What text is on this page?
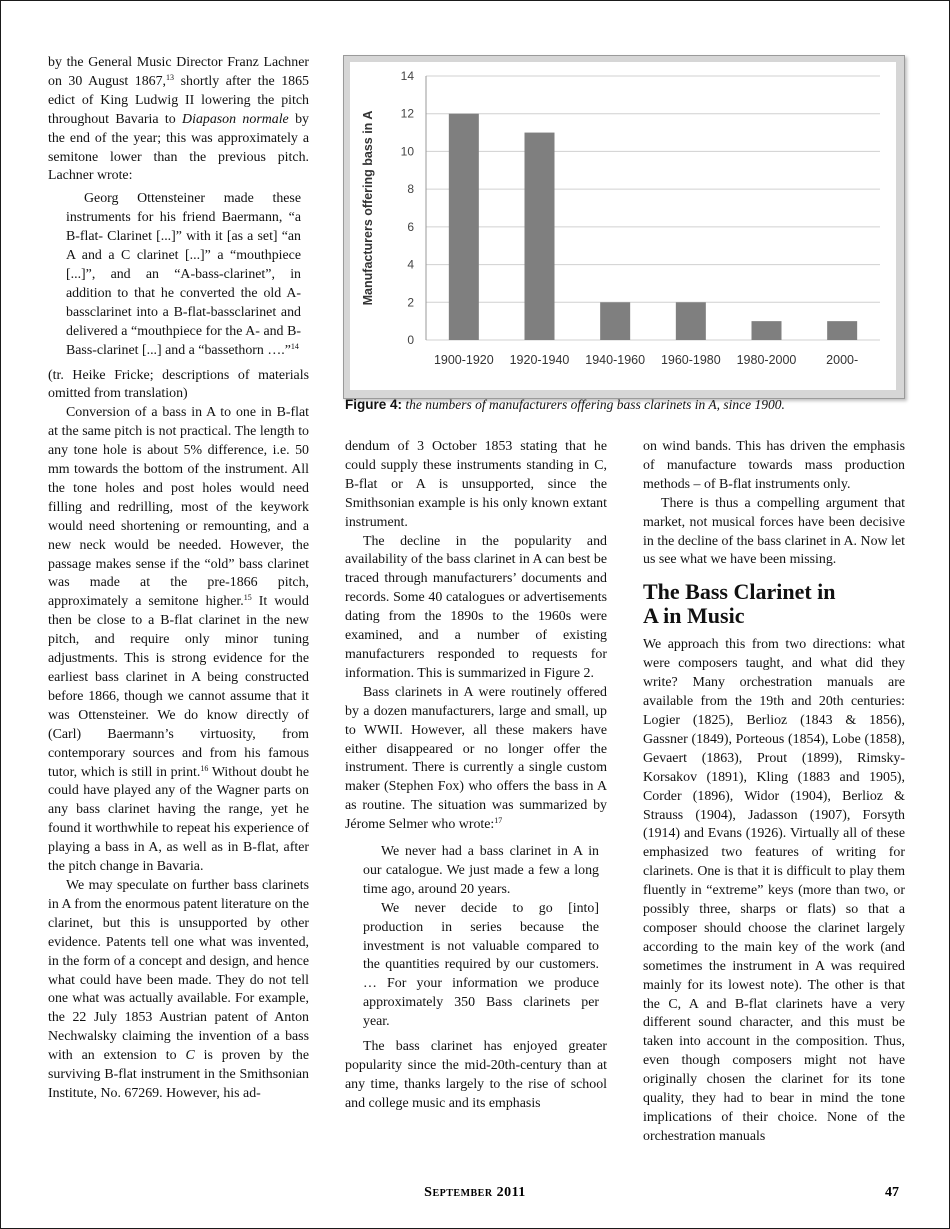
by the General Music Director Franz Lachner on 30 August 1867,13 shortly after the 1865 edict of King Ludwig II lowering the pitch throughout Bavaria to Diapason normale by the end of the year; this was approximately a semitone lower than the previous pitch. Lachner wrote:

Georg Ottensteiner made these instruments for his friend Baermann, “a B-flat- Clarinet [...]” with it [as a set] “an A and a C clarinet [...]” a “mouthpiece [...]”, and an “A-bass-clarinet”, in addition to that he converted the old A-bassclarinet into a B-flat-bassclarinet and delivered a “mouthpiece for the A- and B-Bass-clarinet [...] and a “bassethorn ….”$^{14}$

(tr. Heike Fricke; descriptions of materials omitted from translation)

Conversion of a bass in A to one in B-flat at the same pitch is not practical. The length to any tone hole is about 5% difference, i.e. 50 mm towards the bottom of the instrument. All the tone holes and post holes would need filling and redrilling, most of the keywork would need shortening or remounting, and a new neck would be needed. However, the passage makes sense if the “old” bass clarinet was made at the pre-1866 pitch, approximately a semitone higher.$^{15}$ It would then be close to a B-flat clarinet in the new pitch, and require only minor tuning adjustments. This is strong evidence for the earliest bass clarinet in A being constructed before 1866, though we cannot assume that it was Ottensteiner. We do know directly of (Carl) Baermann’s virtuosity, from contemporary sources and from his famous tutor, which is still in print.$^{16}$ Without doubt he could have played any of the Wagner parts on any bass clarinet having the range, yet he found it worthwhile to repeat his experience of playing a bass in A, as well as in B-flat, after the pitch change in Bavaria.

We may speculate on further bass clarinets in A from the enormous patent literature on the clarinet, but this is unsupported by other evidence. Patents tell one what was invented, in the form of a concept and design, and hence what could have been made. They do not tell one what was actually available. For example, the 22 July 1853 Austrian patent of Anton Nechwalsky claiming the invention of a bass with an extension to C is proven by the surviving B-flat instrument in the Smithsonian Institute, No. 67269. However, his ad-

0
2
4
6
8
10
12
14
1900-1920 1920-1940 1940-1960 1960-1980 1980-2000 2000-
Manufacturers offering bass in A
Figure 4: the numbers of manufacturers offering bass clarinets in A, since 1900.

dendum of 3 October 1853 stating that he could supply these instruments standing in C, B-flat or A is unsupported, since the Smithsonian example is his only known extant instrument.

The decline in the popularity and availability of the bass clarinet in A can best be traced through manufacturers’ documents and records. Some 40 catalogues or advertisements dating from the 1890s to the 1960s were examined, and a number of existing manufacturers responded to requests for information. This is summarized in Figure 2.

Bass clarinets in A were routinely offered by a dozen manufacturers, large and small, up to WWII. However, all these makers have either disappeared or no longer offer the instrument. There is currently a single custom maker (Stephen Fox) who offers the bass in A as routine. The situation was summarized by Jérome Selmer who wrote:$^{17}$

We never had a bass clarinet in A in our catalogue. We just made a few a long time ago, around 20 years.

We never decide to go [into] production in series because the investment is not valuable compared to the quantities required by our customers. … For your information we produce approximately 350 Bass clarinets per year.

The bass clarinet has enjoyed greater popularity since the mid-20th-century than at any time, thanks largely to the rise of school and college music and its emphasis

on wind bands. This has driven the emphasis of manufacture towards mass production methods – of B-flat instruments only.

There is thus a compelling argument that market, not musical forces have been decisive in the decline of the bass clarinet in A. Now let us see what we have been missing.

The Bass Clarinet in
A in Music

We approach this from two directions: what were composers taught, and what did they write? Many orchestration manuals are available from the 19th and 20th centuries: Logier (1825), Berlioz (1843 & 1856), Gassner (1849), Porteous (1854), Lobe (1858), Gevaert (1863), Prout (1899), Rimsky-Korsakov (1891), Kling (1883 and 1905), Corder (1896), Widor (1904), Berlioz & Strauss (1904), Jadasson (1907), Forsyth (1914) and Evans (1926). Virtually all of these emphasized two features of writing for clarinets. One is that it is difficult to play them fluently in “extreme” keys (more than two, or possibly three, sharps or flats) so that a composer should choose the clarinet largely according to the main key of the work (and sometimes the instrument in A was required mainly for its lowest note). The other is that the C, A and B-flat clarinets have a very different sound character, and this must be taken into account in the composition. Thus, even though composers might not have originally chosen the clarinet for its tone quality, they had to bear in mind the tone implications of their choice. None of the orchestration manuals

September 2011	47
